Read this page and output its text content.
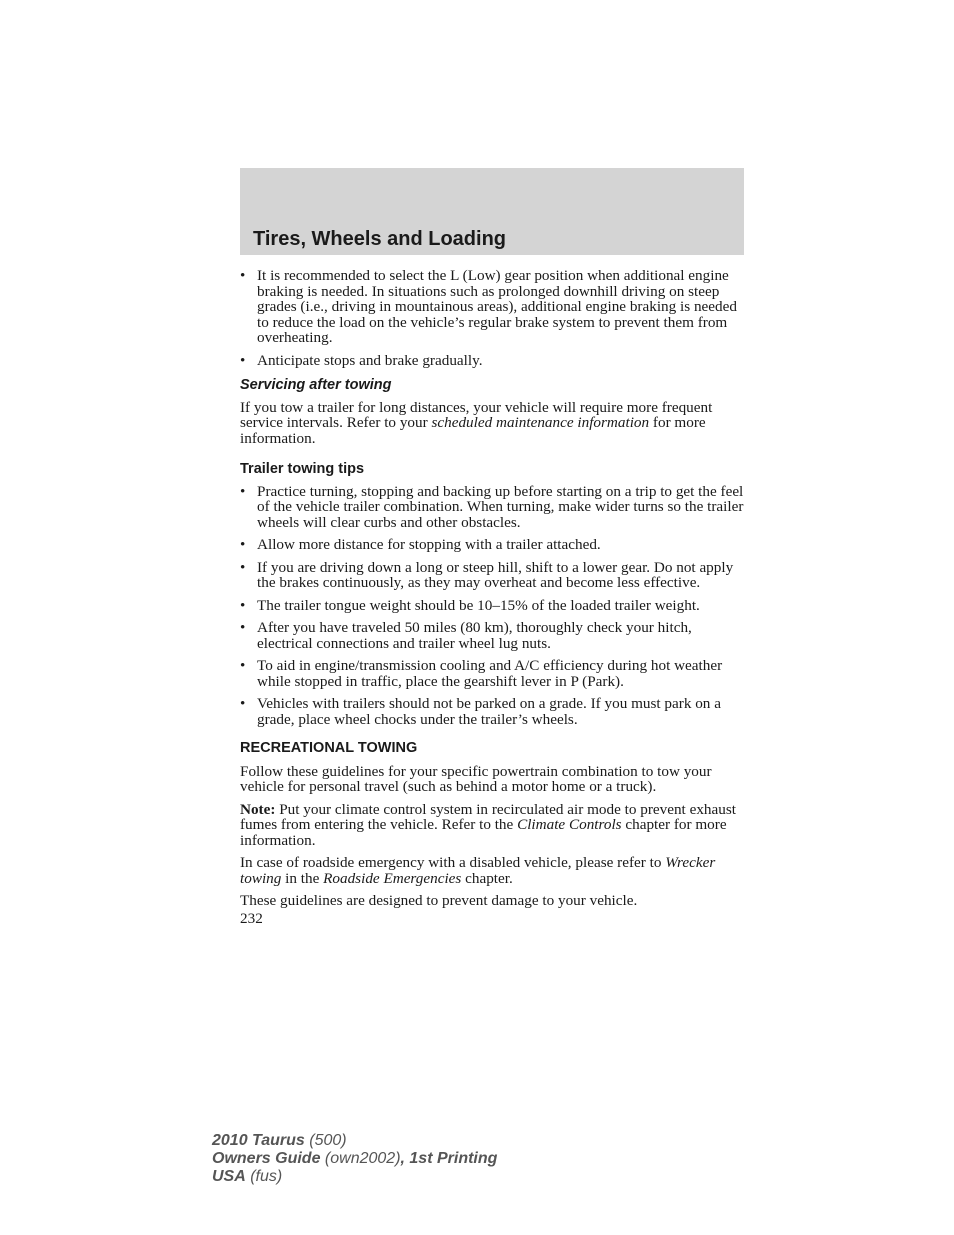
Tires, Wheels and Loading
• It is recommended to select the L (Low) gear position when additional engine braking is needed. In situations such as prolonged downhill driving on steep grades (i.e., driving in mountainous areas), additional engine braking is needed to reduce the load on the vehicle’s regular brake system to prevent them from overheating.
• Anticipate stops and brake gradually.
Servicing after towing

If you tow a trailer for long distances, your vehicle will require more frequent service intervals. Refer to your scheduled maintenance information for more information.

Trailer towing tips
• Practice turning, stopping and backing up before starting on a trip to get the feel of the vehicle trailer combination. When turning, make wider turns so the trailer wheels will clear curbs and other obstacles.
• Allow more distance for stopping with a trailer attached.
• If you are driving down a long or steep hill, shift to a lower gear. Do not apply the brakes continuously, as they may overheat and become less effective.
• The trailer tongue weight should be 10–15% of the loaded trailer weight.
• After you have traveled 50 miles (80 km), thoroughly check your hitch, electrical connections and trailer wheel lug nuts.
• To aid in engine/transmission cooling and A/C efficiency during hot weather while stopped in traffic, place the gearshift lever in P (Park).
• Vehicles with trailers should not be parked on a grade. If you must park on a grade, place wheel chocks under the trailer’s wheels.
RECREATIONAL TOWING

Follow these guidelines for your specific powertrain combination to tow your vehicle for personal travel (such as behind a motor home or a truck).

Note: Put your climate control system in recirculated air mode to prevent exhaust fumes from entering the vehicle. Refer to the Climate Controls chapter for more information.

In case of roadside emergency with a disabled vehicle, please refer to Wrecker towing in the Roadside Emergencies chapter.

These guidelines are designed to prevent damage to your vehicle.

232
2010 Taurus (500)
Owners Guide (own2002), 1st Printing
USA (fus)
